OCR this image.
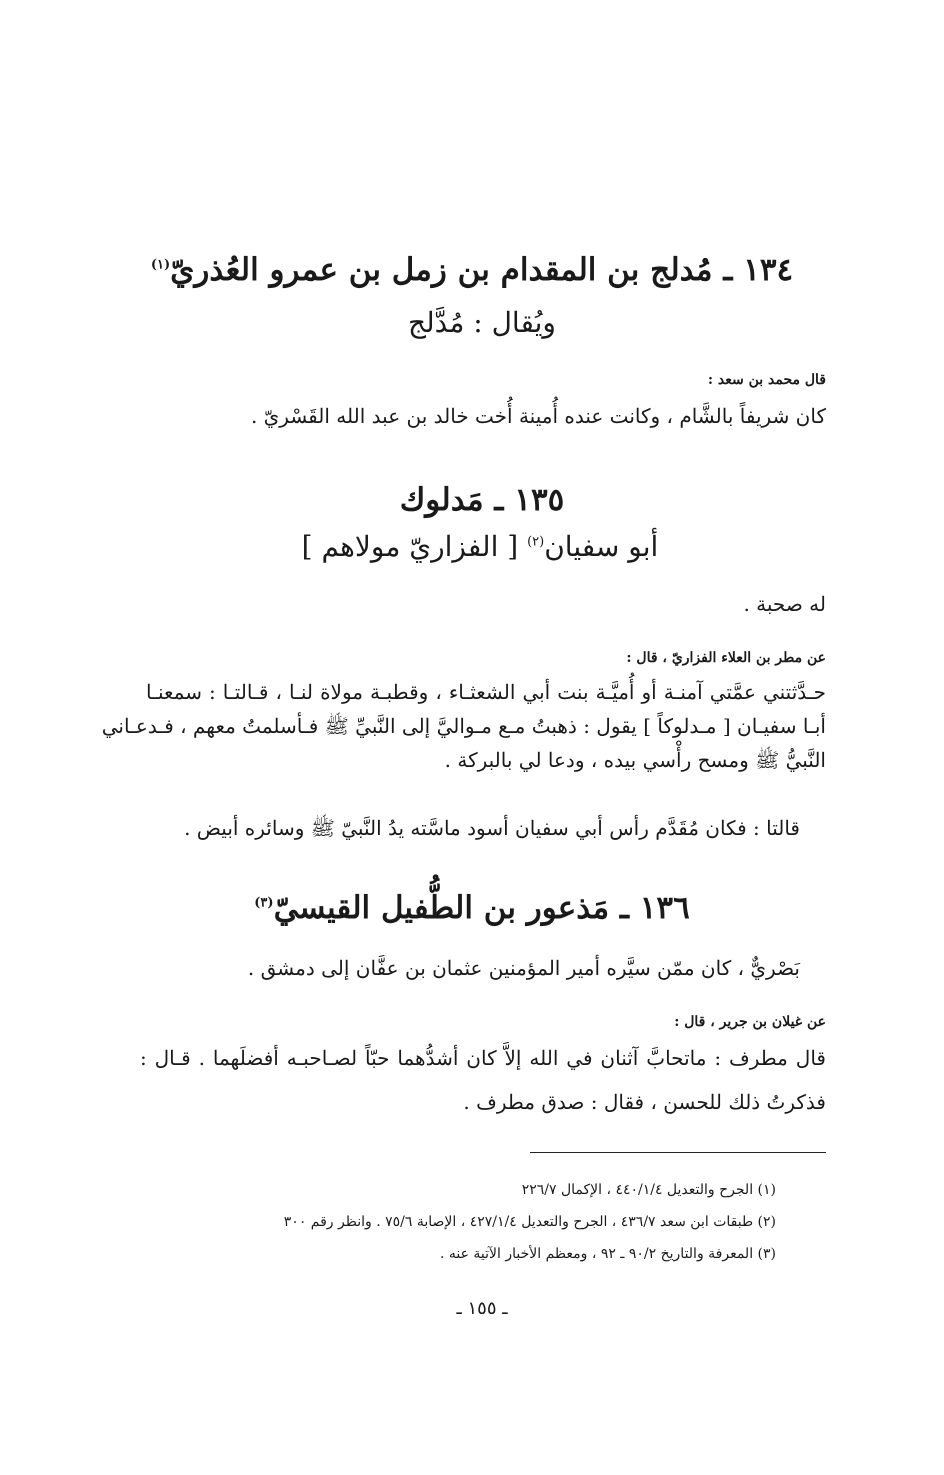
١٣٤ ـ مُدلج بن المقدام بن زمل بن عمرو العُذريّ$^{(١)}$
ويُقال : مُدَّلج
قال محمد بن سعد :
كان شريفاً بالشَّام ، وكانت عنده أُمينة أُخت خالد بن عبد الله القَسْريّ .
١٣٥ ـ مَدلوك
أبو سفيان$^{(٢)}$ [ الفزاريّ مولاهم ]
له صحبة .
عن مطر بن العلاء الفزاريّ ، قال :
حـدَّثتني عمَّتي آمنـة أو أُميَّـة بنت أبي الشعثـاء ، وقطبـة مولاة لنـا ، قـالتـا : سمعنـا
أبـا سفيـان [ مـدلوكاً ] يقول : ذهبتُ مـع مـواليَّ إلى النَّبيِّ ﷺ فـأسلمتُ معهم ، فـدعـاني
النَّبيُّ ﷺ ومسح رأْسي بيده ، ودعا لي بالبركة .
قالتا : فكان مُقَدَّم رأس أبي سفيان أسود ماسَّته يدُ النَّبيّ ﷺ وسائره أبيض .
١٣٦ ـ مَذعور بن الطُّفيل القيسيّ$^{(٣)}$
بَصْريٌّ ، كان ممّن سيَّره أمير المؤمنين عثمان بن عفَّان إلى دمشق .
عن غيلان بن جرير ، قال :
قال مطرف : ماتحابَّ آثنان في الله إلاَّ كان أشدُّهما حبّاً لصـاحبـه أفضلَهما . قـال :
فذكرتُ ذلك للحسن ، فقال : صدق مطرف .
(١) الجرح والتعديل ٤٤٠/١/٤ ، الإكمال ٢٢٦/٧
(٢) طبقات ابن سعد ٤٣٦/٧ ، الجرح والتعديل ٤٢٧/١/٤ ، الإصابة ٧٥/٦ . وانظر رقم ٣٠٠
(٣) المعرفة والتاريخ ٩٠/٢ ـ ٩٢ ، ومعظم الأخبار الآتية عنه .
ـ ١٥٥ ـ
